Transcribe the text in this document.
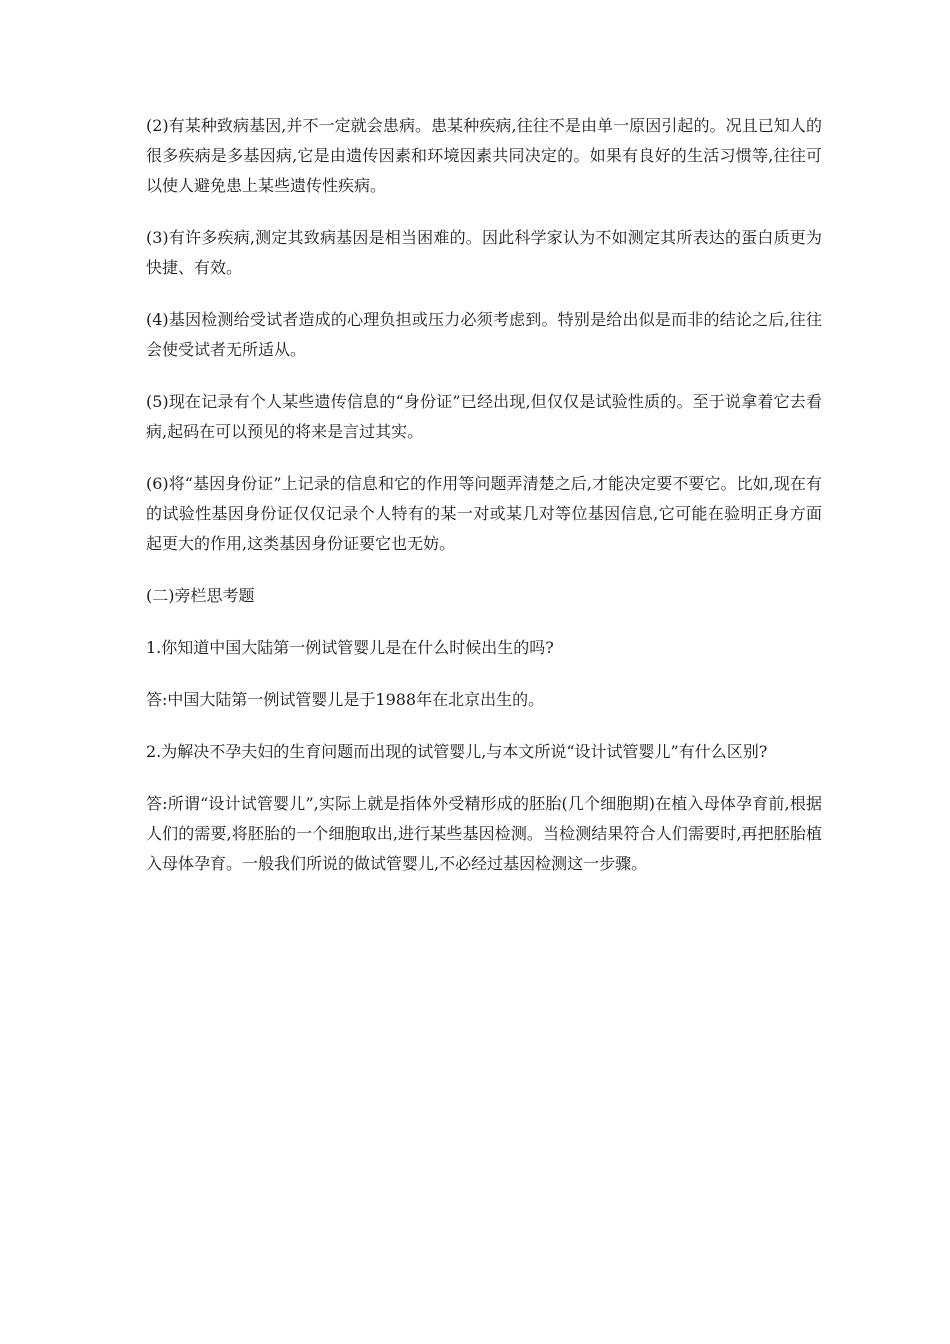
(2)有某种致病基因,并不一定就会患病。患某种疾病,往往不是由单一原因引起的。况且已知人的很多疾病是多基因病,它是由遗传因素和环境因素共同决定的。如果有良好的生活习惯等,往往可以使人避免患上某些遗传性疾病。

(3)有许多疾病,测定其致病基因是相当困难的。因此科学家认为不如测定其所表达的蛋白质更为快捷、有效。

(4)基因检测给受试者造成的心理负担或压力必须考虑到。特别是给出似是而非的结论之后,往往会使受试者无所适从。

(5)现在记录有个人某些遗传信息的“身份证”已经出现,但仅仅是试验性质的。至于说拿着它去看病,起码在可以预见的将来是言过其实。

(6)将“基因身份证”上记录的信息和它的作用等问题弄清楚之后,才能决定要不要它。比如,现在有的试验性基因身份证仅仅记录个人特有的某一对或某几对等位基因信息,它可能在验明正身方面起更大的作用,这类基因身份证要它也无妨。

(二)旁栏思考题

1.你知道中国大陆第一例试管婴儿是在什么时候出生的吗?

答:中国大陆第一例试管婴儿是于1988年在北京出生的。

2.为解决不孕夫妇的生育问题而出现的试管婴儿,与本文所说“设计试管婴儿”有什么区别?

答:所谓“设计试管婴儿”,实际上就是指体外受精形成的胚胎(几个细胞期)在植入母体孕育前,根据人们的需要,将胚胎的一个细胞取出,进行某些基因检测。当检测结果符合人们需要时,再把胚胎植入母体孕育。一般我们所说的做试管婴儿,不必经过基因检测这一步骤。
